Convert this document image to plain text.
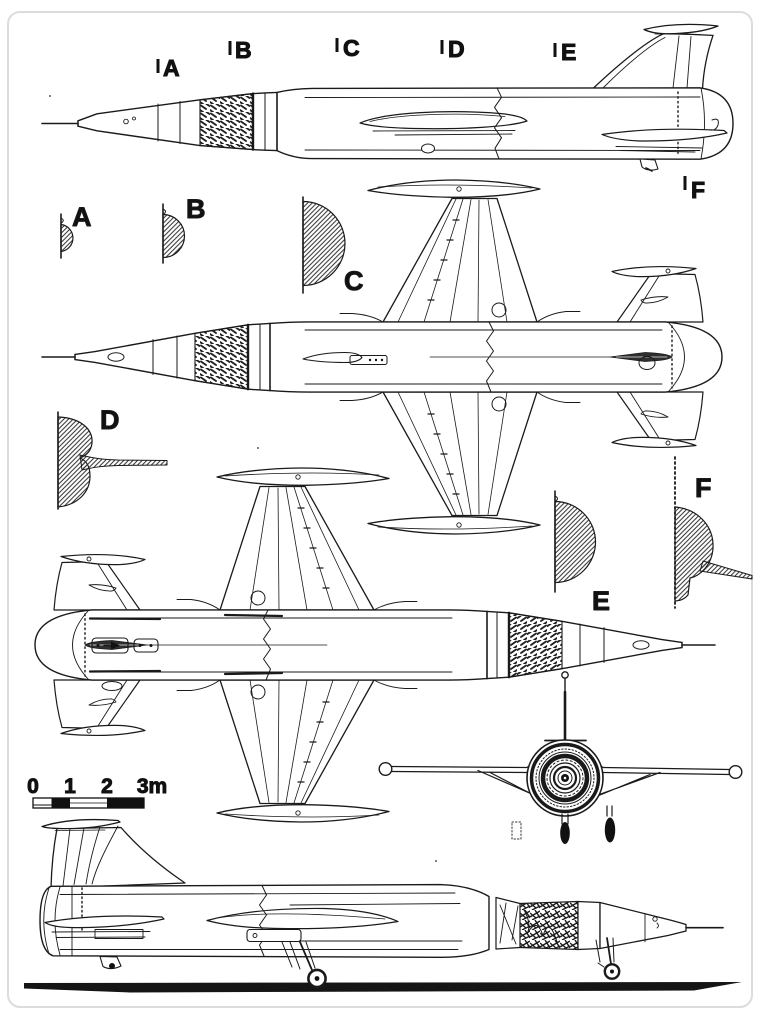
A
B	C	D	E
F
A	B
C
D
E
F
0 1 2 3m
